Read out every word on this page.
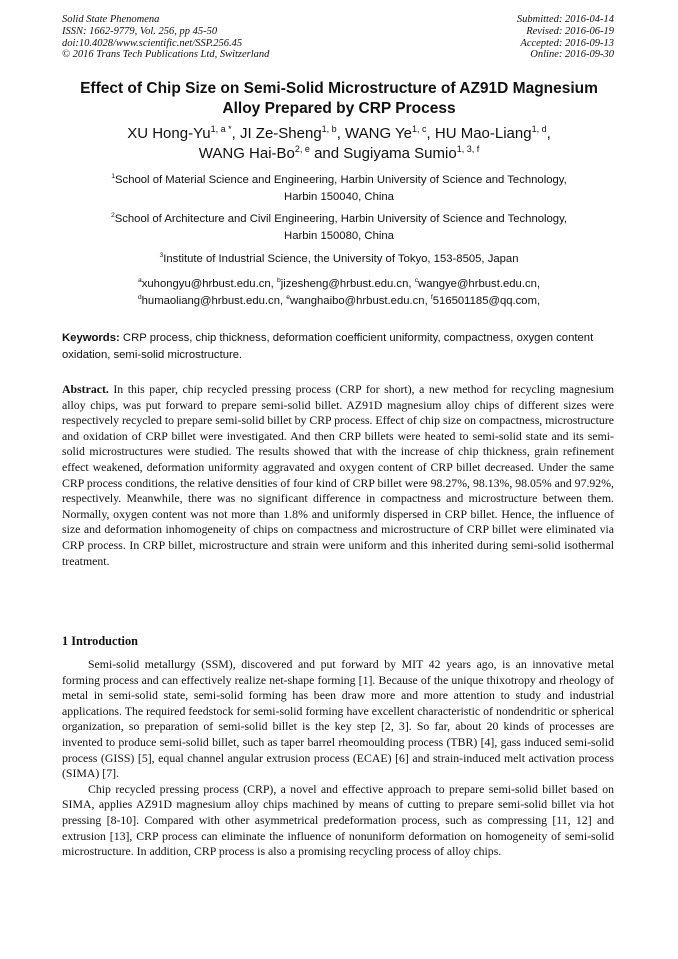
Solid State Phenomena
ISSN: 1662-9779, Vol. 256, pp 45-50
doi:10.4028/www.scientific.net/SSP.256.45
© 2016 Trans Tech Publications Ltd, Switzerland
Submitted: 2016-04-14
Revised: 2016-06-19
Accepted: 2016-09-13
Online: 2016-09-30
Effect of Chip Size on Semi-Solid Microstructure of AZ91D Magnesium
Alloy Prepared by CRP Process
XU Hong-$Yu^{1, a *}$, JI Ze-Sheng$^{1, b}$, WANG Ye$^{1, c}$, HU Mao-Liang$^{1, d}$,
WANG Hai-Bo$^{2, e}$ and Sugiyama Sumio$^{1, 3, f}$
$^1$School of Material Science and Engineering, Harbin University of Science and Technology,
Harbin 150040, China
$^2$School of Architecture and Civil Engineering, Harbin University of Science and Technology,
Harbin 150080, China
$^3$Institute of Industrial Science, the University of Tokyo, 153-8505, Japan
$^a$xuhongyu@hrbust.edu.cn, $^b$jizesheng@hrbust.edu.cn, $^c$wangye@hrbust.edu.cn,
$^d$humaoliang@hrbust.edu.cn, $^e$wanghaibo@hrbust.edu.cn, $^f$516501185@qq.com,
Keywords: CRP process, chip thickness, deformation coefficient uniformity, compactness, oxygen content oxidation, semi-solid microstructure.
Abstract. In this paper, chip recycled pressing process (CRP for short), a new method for recycling magnesium alloy chips, was put forward to prepare semi-solid billet. AZ91D magnesium alloy chips of different sizes were respectively recycled to prepare semi-solid billet by CRP process. Effect of chip size on compactness, microstructure and oxidation of CRP billet were investigated. And then CRP billets were heated to semi-solid state and its semi-solid microstructures were studied. The results showed that with the increase of chip thickness, grain refinement effect weakened, deformation uniformity aggravated and oxygen content of CRP billet decreased. Under the same CRP process conditions, the relative densities of four kind of CRP billet were 98.27%, 98.13%, 98.05% and 97.92%, respectively. Meanwhile, there was no significant difference in compactness and microstructure between them. Normally, oxygen content was not more than 1.8% and uniformly dispersed in CRP billet. Hence, the influence of size and deformation inhomogeneity of chips on compactness and microstructure of CRP billet were eliminated via CRP process. In CRP billet, microstructure and strain were uniform and this inherited during semi-solid isothermal treatment.
1 Introduction

Semi-solid metallurgy (SSM), discovered and put forward by MIT 42 years ago, is an innovative metal forming process and can effectively realize net-shape forming [1]. Because of the unique thixotropy and rheology of metal in semi-solid state, semi-solid forming has been draw more and more attention to study and industrial applications. The required feedstock for semi-solid forming have excellent characteristic of nondendritic or spherical organization, so preparation of semi-solid billet is the key step [2, 3]. So far, about 20 kinds of processes are invented to produce semi-solid billet, such as taper barrel rheomoulding process (TBR) [4], gass induced semi-solid process (GISS) [5], equal channel angular extrusion process (ECAE) [6] and strain-induced melt activation process (SIMA) [7].

Chip recycled pressing process (CRP), a novel and effective approach to prepare semi-solid billet based on SIMA, applies AZ91D magnesium alloy chips machined by means of cutting to prepare semi-solid billet via hot pressing [8-10]. Compared with other asymmetrical predeformation process, such as compressing [11, 12] and extrusion [13], CRP process can eliminate the influence of nonuniform deformation on homogeneity of semi-solid microstructure. In addition, CRP process is also a promising recycling process of alloy chips.
